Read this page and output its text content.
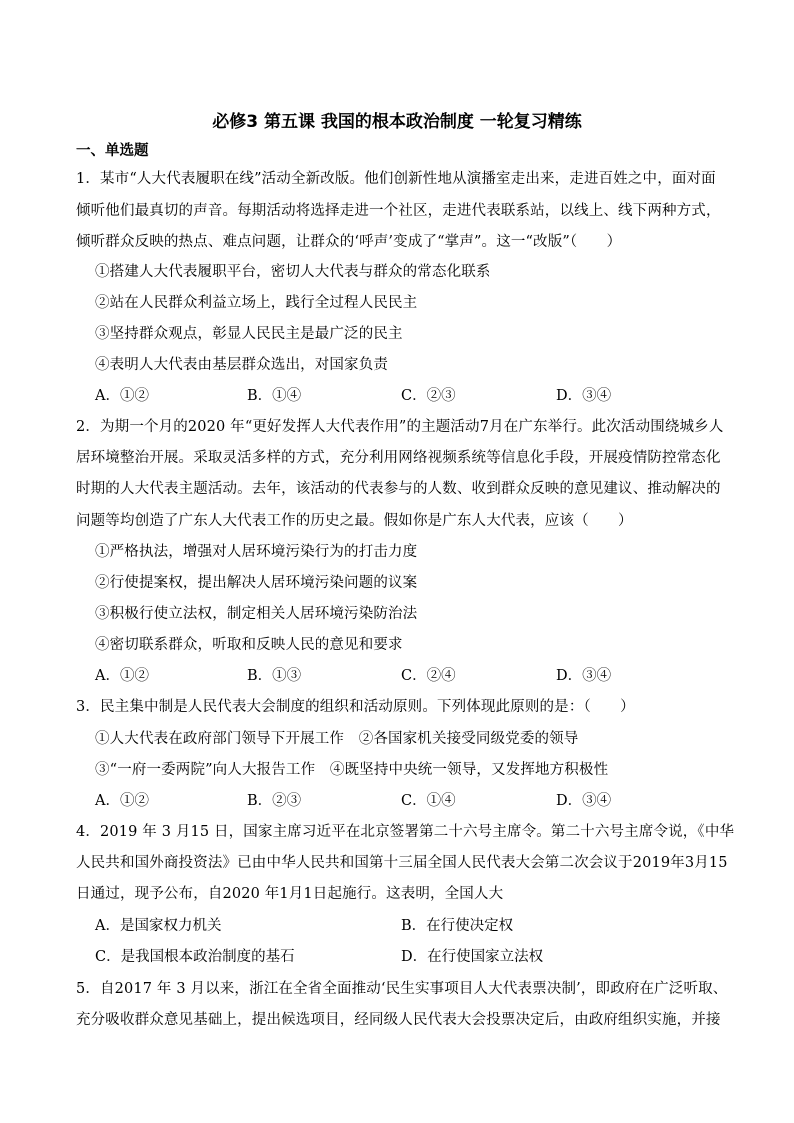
必修3 第五课 我国的根本政治制度 一轮复习精练
一、单选题
1．某市“人大代表履职在线”活动全新改版。他们创新性地从演播室走出来，走进百姓之中，面对面
倾听他们最真切的声音。每期活动将选择走进一个社区，走进代表联系站，以线上、线下两种方式，
倾听群众反映的热点、难点问题，让群众的‘呼声’变成了“掌声”。这一“改版”（　　）
①搭建人大代表履职平台，密切人大代表与群众的常态化联系
②站在人民群众利益立场上，践行全过程人民民主
③坚持群众观点，彰显人民民主是最广泛的民主
④表明人大代表由基层群众选出，对国家负责
A．①②	B．①④	C．②③	D．③④
2．为期一个月的2020 年“更好发挥人大代表作用”的主题活动7月在广东举行。此次活动围绕城乡人
居环境整治开展。采取灵活多样的方式，充分利用网络视频系统等信息化手段，开展疫情防控常态化
时期的人大代表主题活动。去年，该活动的代表参与的人数、收到群众反映的意见建议、推动解决的
问题等均创造了广东人大代表工作的历史之最。假如你是广东人大代表，应该（　　）
①严格执法，增强对人居环境污染行为的打击力度
②行使提案权，提出解决人居环境污染问题的议案
③积极行使立法权，制定相关人居环境污染防治法
④密切联系群众，听取和反映人民的意见和要求
A．①②	B．①③	C．②④	D．③④
3．民主集中制是人民代表大会制度的组织和活动原则。下列体现此原则的是：（　　）
①人大代表在政府部门领导下开展工作　②各国家机关接受同级党委的领导
③“一府一委两院”向人大报告工作　④既坚持中央统一领导，又发挥地方积极性
A．①②	B．②③	C．①④	D．③④
4．2019 年 3 月15 日，国家主席习近平在北京签署第二十六号主席令。第二十六号主席令说，《中华
人民共和国外商投资法》已由中华人民共和国第十三届全国人民代表大会第二次会议于2019年3月15
日通过，现予公布，自2020 年1月1日起施行。这表明，全国人大
A．是国家权力机关	B．在行使决定权
C．是我国根本政治制度的基石	D．在行使国家立法权
5．自2017 年 3 月以来，浙江在全省全面推动‘民生实事项目人大代表票决制’，即政府在广泛听取、
充分吸收群众意见基础上，提出候选项目，经同级人民代表大会投票决定后，由政府组织实施，并接
